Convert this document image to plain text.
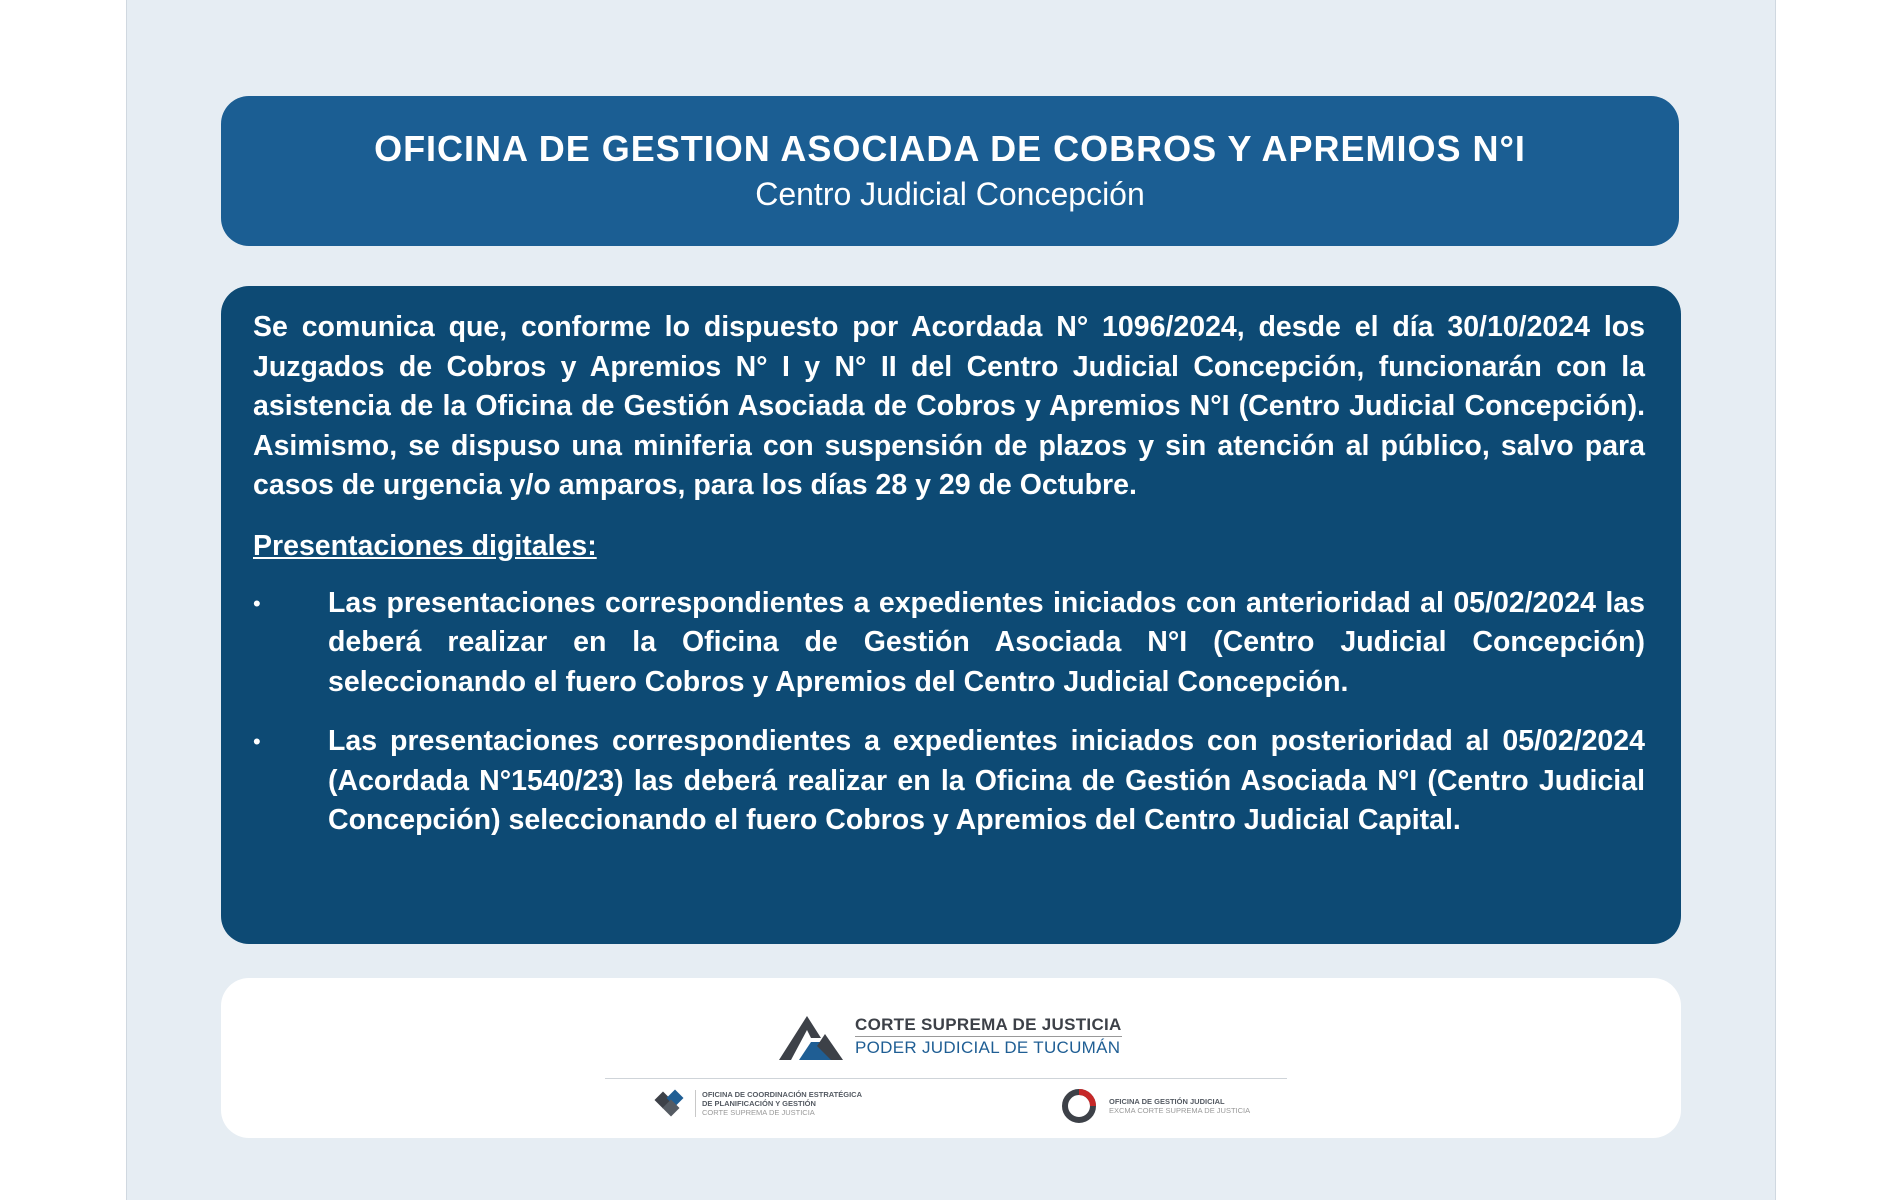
OFICINA DE GESTION ASOCIADA DE COBROS Y APREMIOS N°I
Centro Judicial Concepción

Se comunica que, conforme lo dispuesto por Acordada N° 1096/2024, desde el día 30/10/2024 los Juzgados de Cobros y Apremios N° I y N° II del Centro Judicial Concepción, funcionarán con la asistencia de la Oficina de Gestión Asociada de Cobros y Apremios N°I (Centro Judicial Concepción). Asimismo, se dispuso una miniferia con suspensión de plazos y sin atención al público, salvo para casos de urgencia y/o amparos, para los días 28 y 29 de Octubre.

Presentaciones digitales:
•	Las presentaciones correspondientes a expedientes iniciados con anterioridad al 05/02/2024 las deberá realizar en la Oficina de Gestión Asociada N°I (Centro Judicial Concepción) seleccionando el fuero Cobros y Apremios del Centro Judicial Concepción.
•	Las presentaciones correspondientes a expedientes iniciados con posterioridad al 05/02/2024 (Acordada N°1540/23) las deberá realizar en la Oficina de Gestión Asociada N°I (Centro Judicial Concepción) seleccionando el fuero Cobros y Apremios del Centro Judicial Capital.
CORTE SUPREMA DE JUSTICIA
PODER JUDICIAL DE TUCUMÁN
OFICINA DE COORDINACIÓN ESTRATÉGICA
DE PLANIFICACIÓN Y GESTIÓN
CORTE SUPREMA DE JUSTICIA
OFICINA DE GESTIÓN JUDICIAL
EXCMA CORTE SUPREMA DE JUSTICIA
